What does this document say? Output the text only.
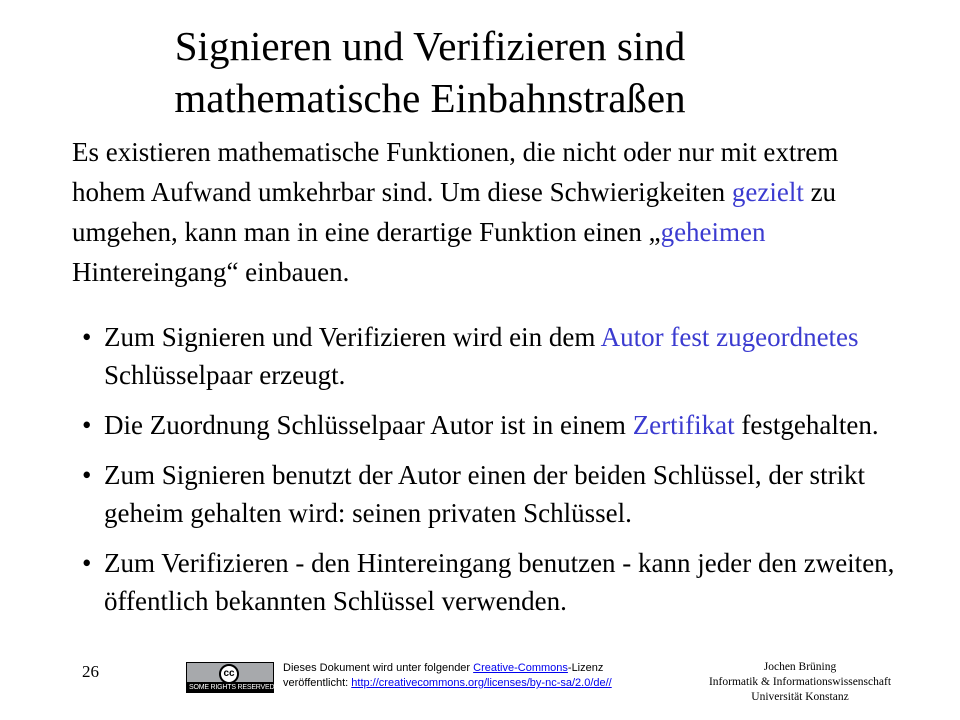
Signieren und Verifizieren sind
mathematische Einbahnstraßen

Es existieren mathematische Funktionen, die nicht oder nur mit extrem hohem Aufwand umkehrbar sind. Um diese Schwierigkeiten gezielt zu umgehen, kann man in eine derartige Funktion einen „geheimen Hintereingang“ einbauen.

• Zum Signieren und Verifizieren wird ein dem Autor fest zugeordnetes Schlüsselpaar erzeugt.
• Die Zuordnung Schlüsselpaar Autor ist in einem Zertifikat festgehalten.
• Zum Signieren benutzt der Autor einen der beiden Schlüssel, der strikt geheim gehalten wird: seinen privaten Schlüssel.
• Zum Verifizieren - den Hintereingang benutzen - kann jeder den zweiten, öffentlich bekannten Schlüssel verwenden.
26	cc
SOME RIGHTS RESERVED
Dieses Dokument wird unter folgender Creative-Commons-Lizenz
veröffentlicht: http://creativecommons.org/licenses/by-nc-sa/2.0/de//
Jochen Brüning
Informatik & Informationswissenschaft
Universität Konstanz
